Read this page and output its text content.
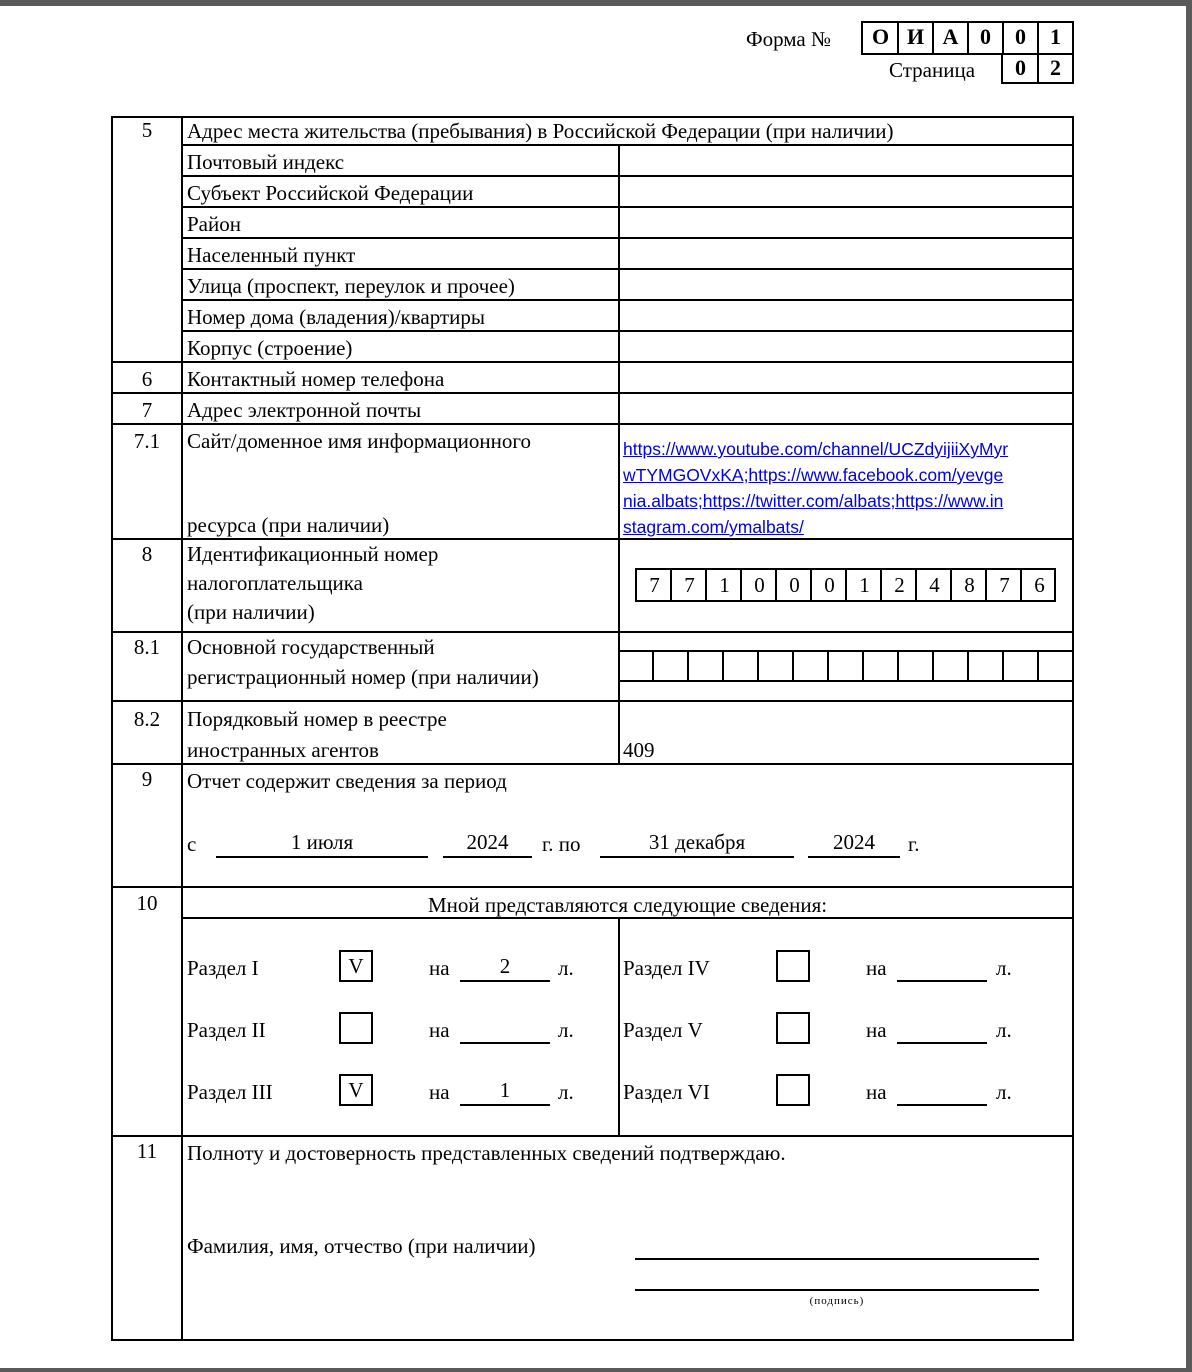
Форма №	О И А 0	0	1
Страница	0	2
5	Адрес места жительства (пребывания) в Российской Федерации (при наличии)
Почтовый индекс
Субъект Российской Федерации
Район
Населенный пункт
Улица (проспект, переулок и прочее)
Номер дома (владения)/квартиры
Корпус (строение)
6	Контактный номер телефона
7	Адрес электронной почты
7.1	Сайт/доменное имя информационного
ресурса (при наличии)
https://www.youtube.com/channel/UCZdyijiiXyMyr
wTYMGOVxKA;https://www.facebook.com/yevge
nia.albats;https://twitter.com/albats;https://www.in
stagram.com/ymalbats/
8	Идентификационный номер
налогоплательщика
(при наличии)
7	7	1	0	0	0	1	2	4	8	7	6
8.1	Основной государственный
регистрационный номер (при наличии)
8.2	Порядковый номер в реестре
иностранных агентов	409
9	Отчет содержит сведения за период
с	1 июля	2024	г. по	31 декабря	2024	г.
10	Мной представляются следующие сведения:
Раздел I	V	на	2	л.
Раздел II	на	л.
Раздел III	V	на	1	л.
Раздел IV	на	л.
Раздел V	на	л.
Раздел VI	на	л.
11	Полноту и достоверность представленных сведений подтверждаю.
Фамилия, имя, отчество (при наличии)
(подпись)
